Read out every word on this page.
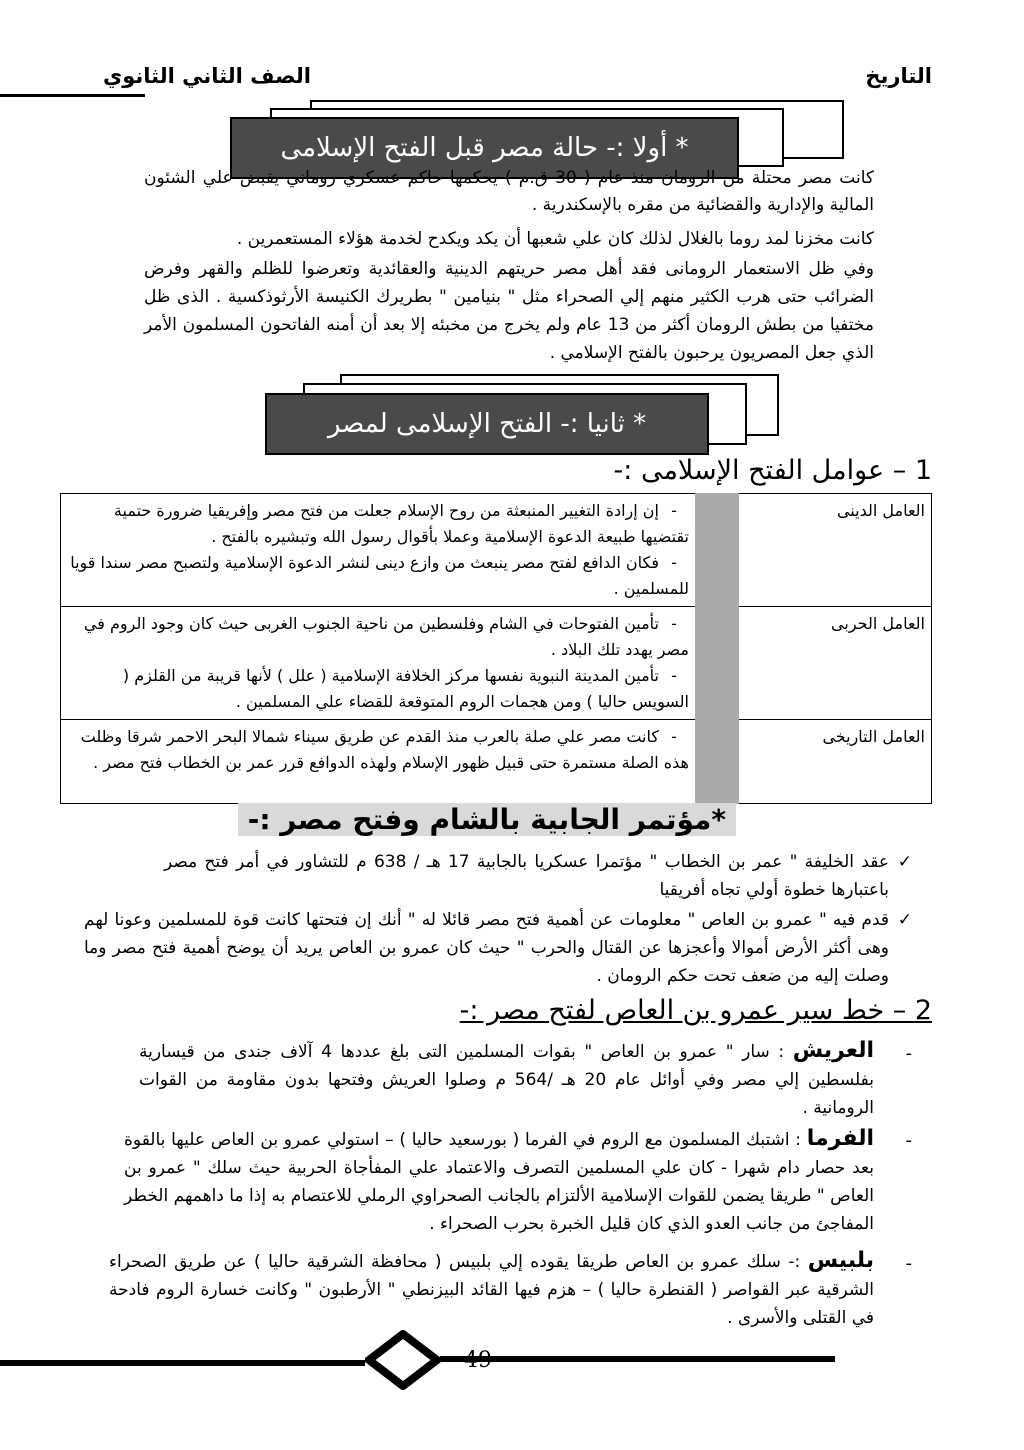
التاريخ
الصف الثاني الثانوي
* أولا :- حالة مصر قبل الفتح الإسلامى
كانت مصر محتلة من الرومان منذ عام ( 30 ق.م ) يحكمها حاكم عسكري روماني يقبض علي الشئون المالية والإدارية والقضائية من مقره بالإسكندرية .
كانت مخزنا لمد روما بالغلال لذلك كان علي شعبها أن يكد ويكدح لخدمة هؤلاء المستعمرين .
وفي ظل الاستعمار الرومانى فقد أهل مصر حريتهم الدينية والعقائدية وتعرضوا للظلم والقهر وفرض الضرائب حتى هرب الكثير منهم إلي الصحراء مثل " بنيامين " بطريرك الكنيسة الأرثوذكسية . الذى ظل مختفيا من بطش الرومان أكثر من 13 عام ولم يخرج من مخبئه إلا بعد أن أمنه الفاتحون المسلمون الأمر الذي جعل المصريون يرحبون بالفتح الإسلامي .
* ثانيا :- الفتح الإسلامى لمصر
1 – عوامل الفتح الإسلامى :-
العامل الدينى	-إن إرادة التغيير المنبعثة من روح الإسلام جعلت من فتح مصر وإفريقيا ضرورة حتمية تقتضيها طبيعة الدعوة الإسلامية وعملا بأقوال رسول الله وتبشيره بالفتح .
-فكان الدافع لفتح مصر ينبعث من وازع دينى لنشر الدعوة الإسلامية ولتصبح مصر سندا قويا للمسلمين .

العامل الحربى	-تأمين الفتوحات في الشام وفلسطين من ناحية الجنوب الغربى حيث كان وجود الروم في مصر يهدد تلك البلاد .
-تأمين المدينة النبوية نفسها مركز الخلافة الإسلامية ( علل ) لأنها قريبة من القلزم ( السويس حاليا ) ومن هجمات الروم المتوقعة للقضاء علي المسلمين .

العامل التاريخى	-كانت مصر علي صلة بالعرب منذ القدم عن طريق سيناء شمالا البحر الاحمر شرقا وظلت هذه الصلة مستمرة حتى قبيل ظهور الإسلام ولهذه الدوافع قرر عمر بن الخطاب فتح مصر .
*مؤتمر الجابية بالشام وفتح مصر :-
✓
عقد الخليفة " عمر بن الخطاب " مؤتمرا عسكريا بالجابية 17 هـ / 638 م للتشاور في أمر فتح مصر باعتبارها خطوة أولي تجاه أفريقيا
✓
قدم فيه " عمرو بن العاص " معلومات عن أهمية فتح مصر قائلا له " أنك إن فتحتها كانت قوة للمسلمين وعونا لهم وهى أكثر الأرض أموالا وأعجزها عن القتال والحرب " حيث كان عمرو بن العاص يريد أن يوضح أهمية فتح مصر وما وصلت إليه من ضعف تحت حكم الرومان .
2 – خط سير عمرو بن العاص لفتح مصر :-
-
العريش : سار " عمرو بن العاص " بقوات المسلمين التى بلغ عددها 4 آلاف جندى من قيسارية بفلسطين إلي مصر وفي أوائل عام 20 هـ /564 م وصلوا العريش وفتحها بدون مقاومة من القوات الرومانية .
-
الفرما : اشتبك المسلمون مع الروم في الفرما ( بورسعيد حاليا ) – استولي عمرو بن العاص عليها بالقوة بعد حصار دام شهرا - كان علي المسلمين التصرف والاعتماد علي المفأجاة الحربية حيث سلك " عمرو بن العاص " طريقا يضمن للقوات الإسلامية الألتزام بالجانب الصحراوي الرملي للاعتصام به إذا ما داهمهم الخطر المفاجئ من جانب العدو الذي كان قليل الخبرة بحرب الصحراء .
-
بلبيس :- سلك عمرو بن العاص طريقا يقوده إلي بلبيس ( محافظة الشرقية حاليا ) عن طريق الصحراء الشرقية عبر القواصر ( القنطرة حاليا ) – هزم فيها القائد البيزنطي " الأرطبون " وكانت خسارة الروم فادحة في القتلى والأسرى .
49
